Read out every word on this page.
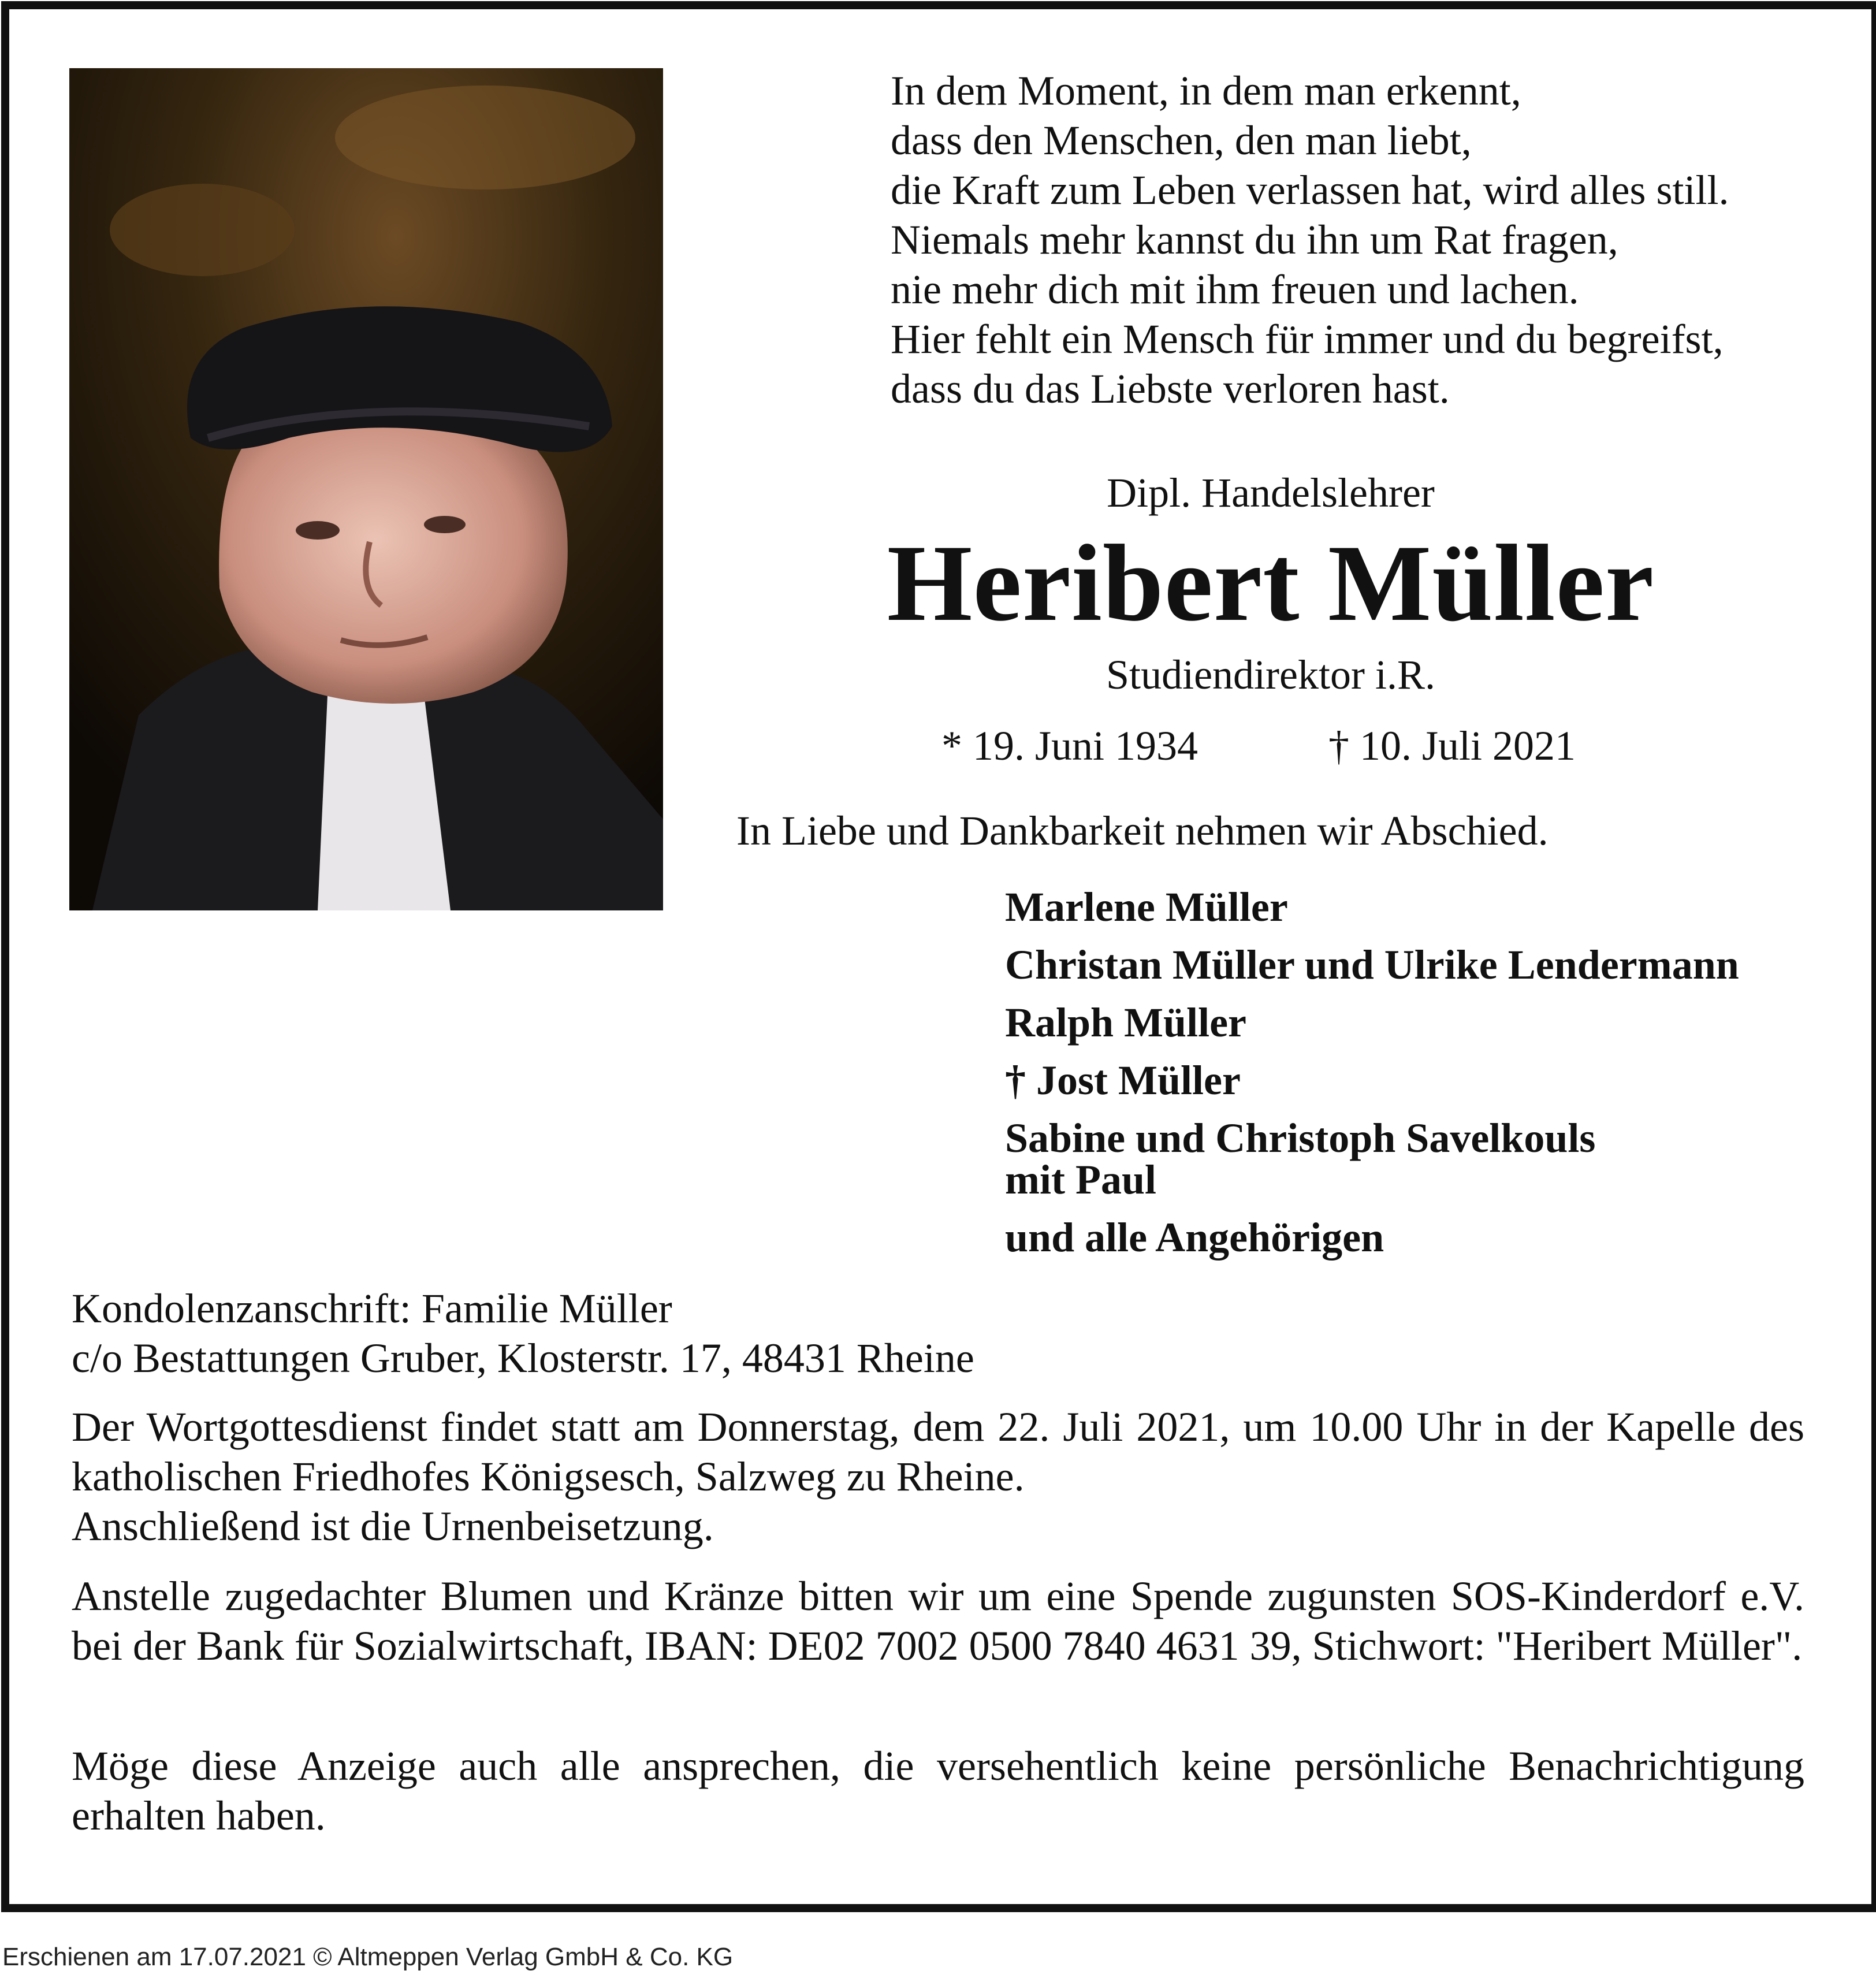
In dem Moment, in dem man erkennt,
dass den Menschen, den man liebt,
die Kraft zum Leben verlassen hat, wird alles still.
Niemals mehr kannst du ihn um Rat fragen,
nie mehr dich mit ihm freuen und lachen.
Hier fehlt ein Mensch für immer und du begreifst,
dass du das Liebste verloren hast.
Dipl. Handelslehrer
Heribert Müller
Studiendirektor i.R.
* 19. Juni 1934	† 10. Juli 2021
In Liebe und Dankbarkeit nehmen wir Abschied.
Marlene Müller
Christan Müller und Ulrike Lendermann
Ralph Müller
† Jost Müller
Sabine und Christoph Savelkouls
mit Paul
und alle Angehörigen
Kondolenzanschrift: Familie Müller
c/o Bestattungen Gruber, Klosterstr. 17, 48431 Rheine
Der Wortgottesdienst findet statt am Donnerstag, dem 22. Juli 2021, um 10.00 Uhr in der Kapelle des katholischen Friedhofes Königsesch, Salzweg zu Rheine.
Anschließend ist die Urnenbeisetzung.
Anstelle zugedachter Blumen und Kränze bitten wir um eine Spende zugunsten SOS-Kinderdorf e.V. bei der Bank für Sozialwirtschaft, IBAN: DE02 7002 0500 7840 4631 39, Stichwort: "Heribert Müller".
Möge diese Anzeige auch alle ansprechen, die versehentlich keine persönliche Benachrichtigung erhalten haben.
Erschienen am 17.07.2021 © Altmeppen Verlag GmbH & Co. KG
